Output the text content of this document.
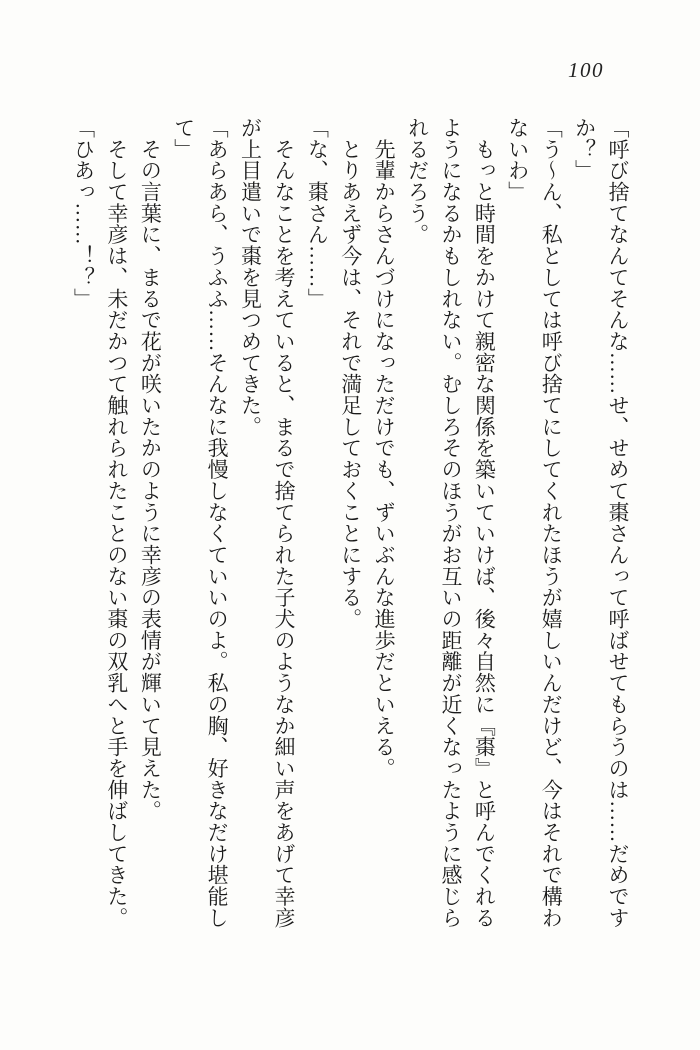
100
「呼び捨てなんてそんな……せ、せめて棗さんって呼ばせてもらうのは……だめです
か？」
「う～ん、私としては呼び捨てにしてくれたほうが嬉しいんだけど、今はそれで構わ
ないわ」
　もっと時間をかけて親密な関係を築いていけば、後々自然に『棗』と呼んでくれる
ようになるかもしれない。むしろそのほうがお互いの距離が近くなったように感じら
れるだろう。
　先輩からさんづけになっただけでも、ずいぶんな進歩だといえる。
　とりあえず今は、それで満足しておくことにする。
「な、棗さん……」
　そんなことを考えていると、まるで捨てられた子犬のようなか細い声をあげて幸彦
が上目遣いで棗を見つめてきた。
「あらあら、うふふ……そんなに我慢しなくていいのよ。私の胸、好きなだけ堪能し
て」
　その言葉に、まるで花が咲いたかのように幸彦の表情が輝いて見えた。
　そして幸彦は、未だかつて触れられたことのない棗の双乳へと手を伸ばしてきた。
「ひあっ……！？」
